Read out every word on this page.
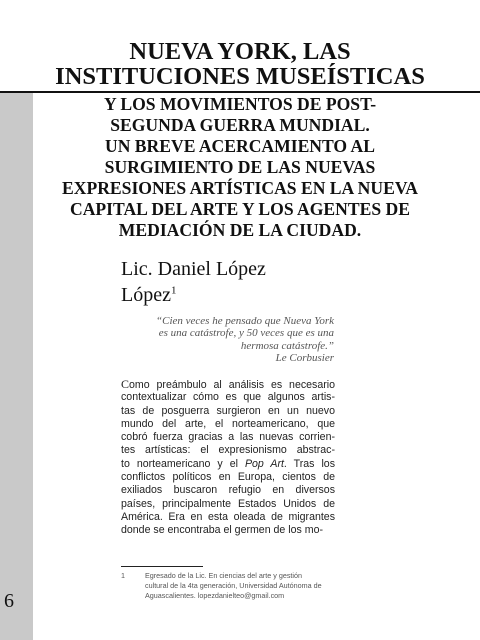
NUEVA YORK, LAS
INSTITUCIONES MUSEÍSTICAS
Y LOS MOVIMIENTOS DE POST-
SEGUNDA GUERRA MUNDIAL.
UN BREVE ACERCAMIENTO AL
SURGIMIENTO DE LAS NUEVAS
EXPRESIONES ARTÍSTICAS EN LA NUEVA
CAPITAL DEL ARTE Y LOS AGENTES DE
MEDIACIÓN DE LA CIUDAD.
Lic. Daniel López
López$^1$
“Cien veces he pensado que Nueva York
es una catástrofe, y 50 veces que es una
hermosa catástrofe.”
Le Corbusier
Como preámbulo al análisis es necesario
contextualizar cómo es que algunos artis-
tas de posguerra surgieron en un nuevo
mundo del arte, el norteamericano, que
cobró fuerza gracias a las nuevas corrien-
tes artísticas: el expresionismo abstrac-
to norteamericano y el Pop Art. Tras los
conflictos políticos en Europa, cientos de
exiliados buscaron refugio en diversos
países, principalmente Estados Unidos de
América. Era en esta oleada de migrantes
donde se encontraba el germen de los mo-
1	Egresado de la Lic. En ciencias del arte y gestión
cultural de la 4ta generación, Universidad Autónoma de
Aguascalientes. lopezdanielteo@gmail.com
6
